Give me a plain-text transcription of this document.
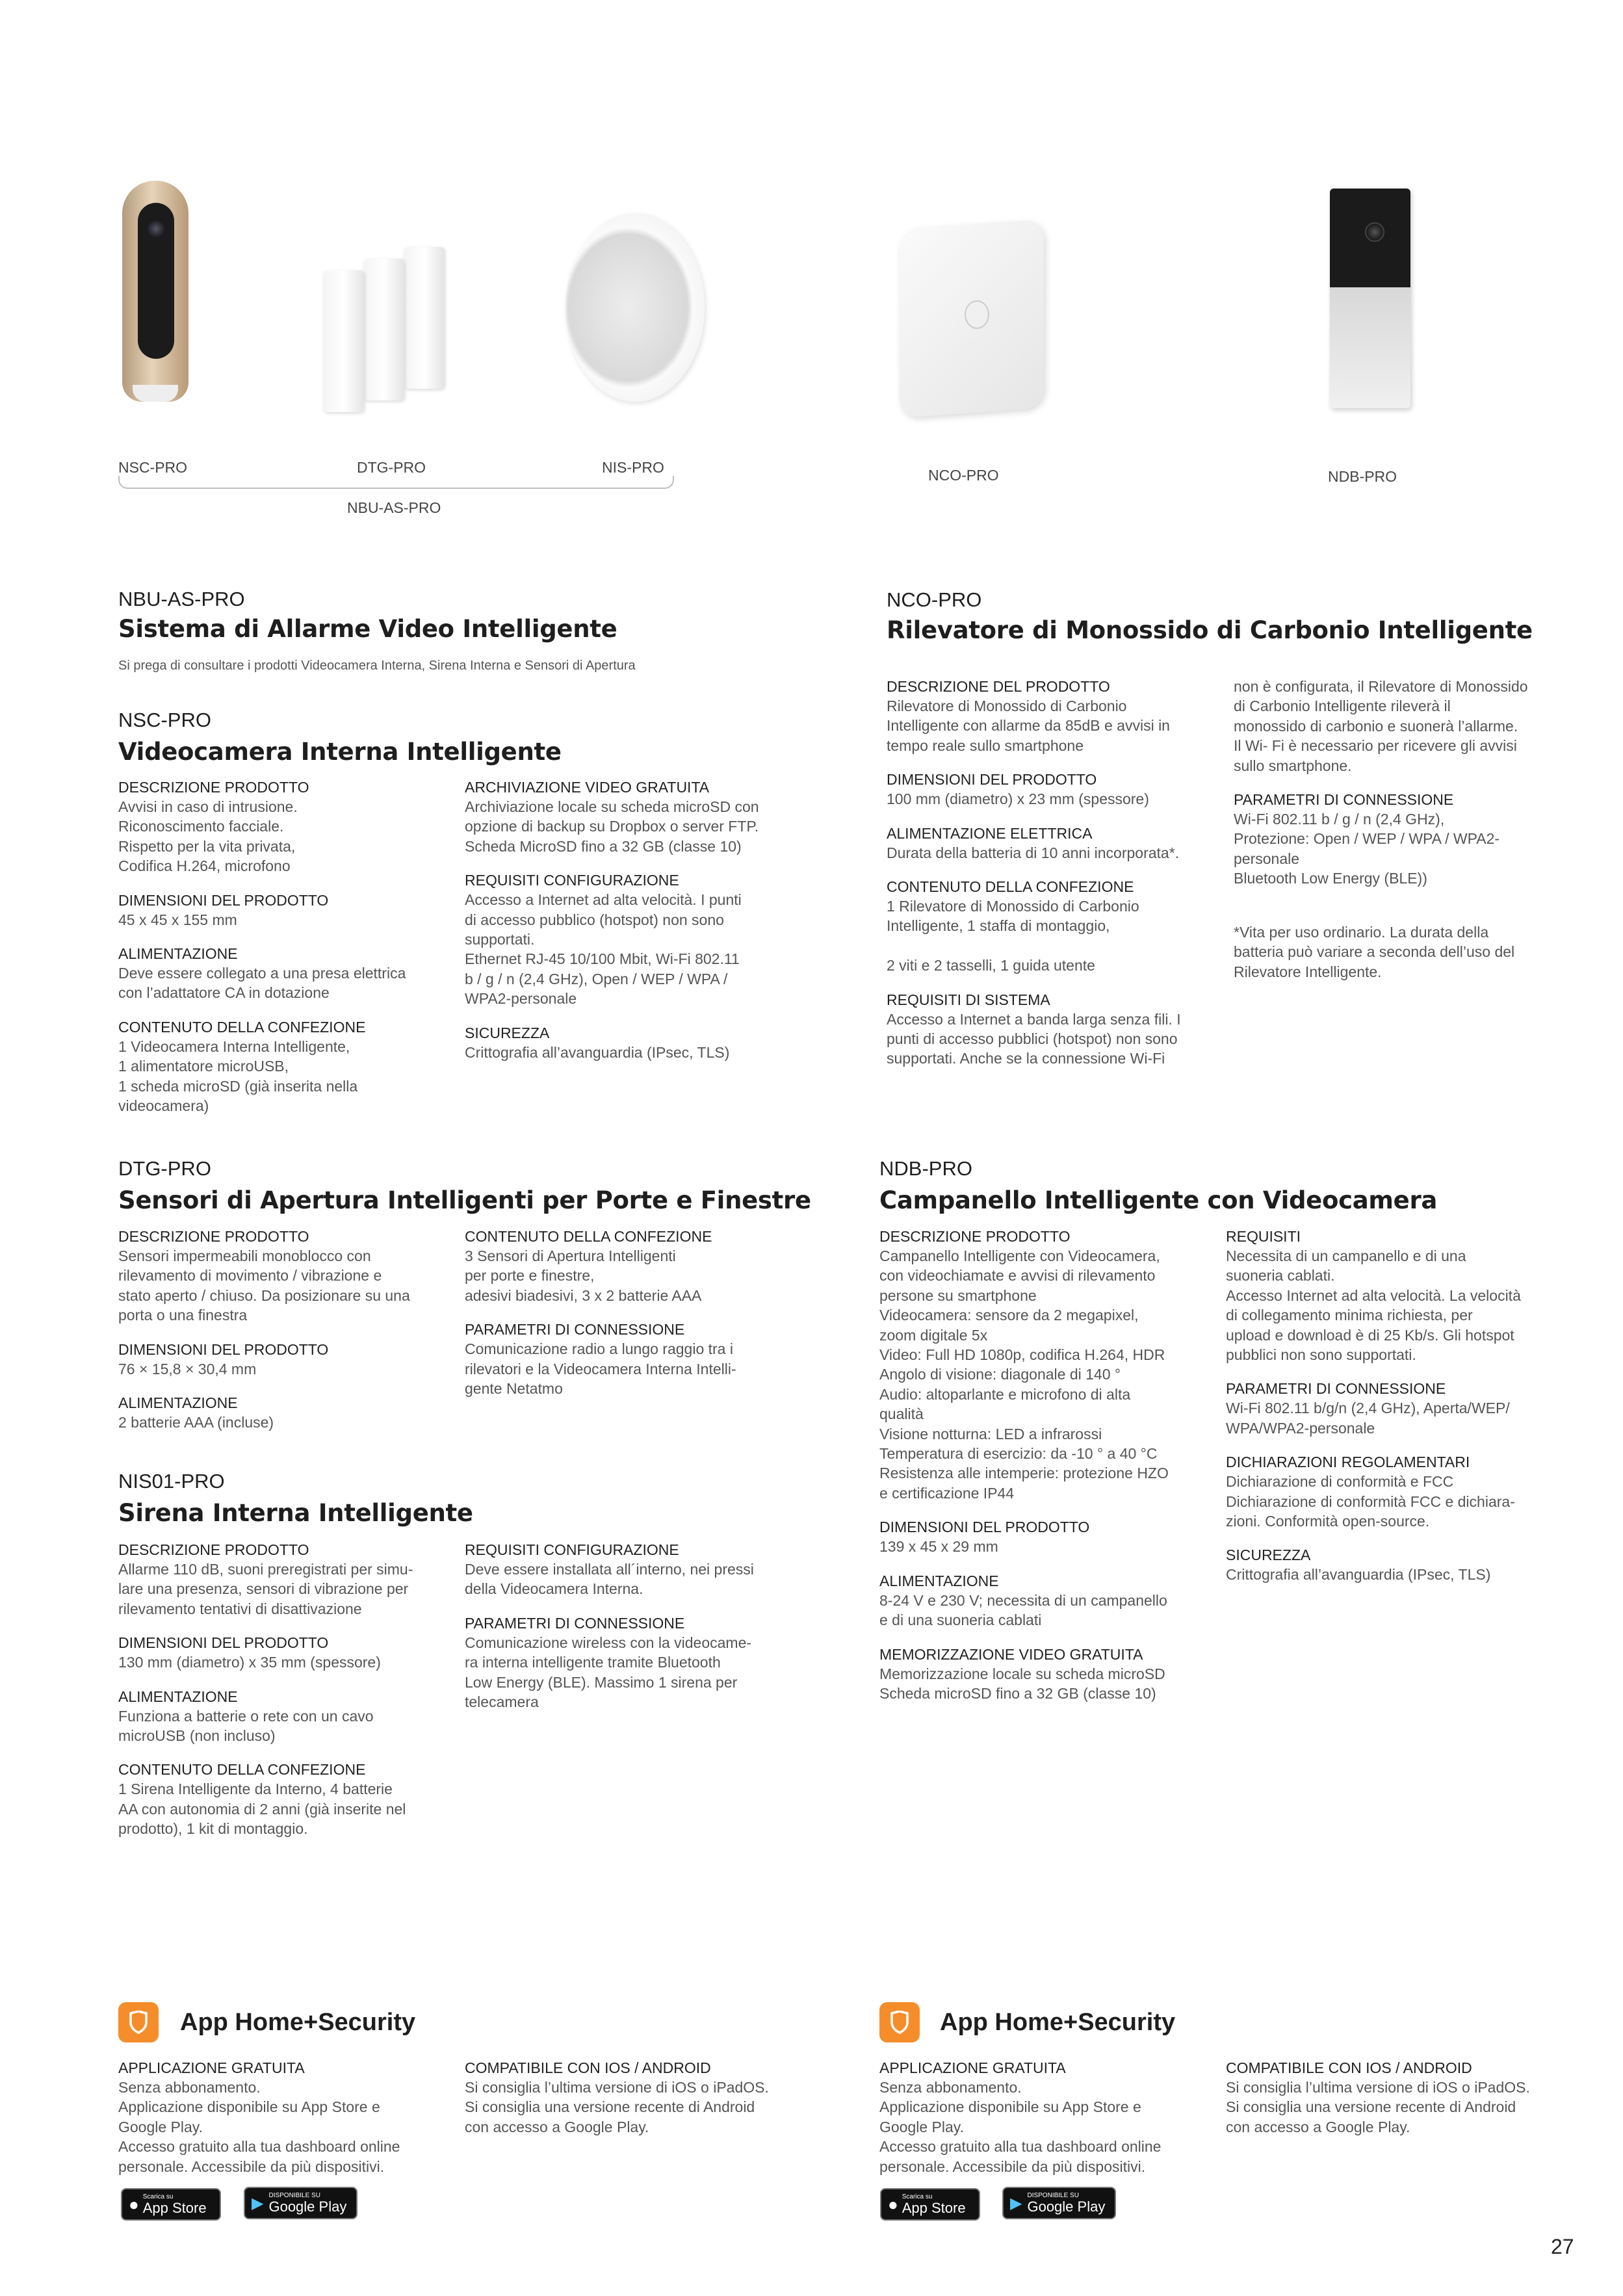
NSC-PRO	DTG-PRO	NIS-PRO
NBU-AS-PRO
NCO-PRO	NDB-PRO
NBU-AS-PRO
Sistema di Allarme Video Intelligente
Si prega di consultare i prodotti Videocamera Interna, Sirena Interna e Sensori di Apertura
NSC-PRO
Videocamera Interna Intelligente
DESCRIZIONE PRODOTTO
Avvisi in caso di intrusione.
Riconoscimento facciale.
Rispetto per la vita privata,
Codifica H.264, microfono
DIMENSIONI DEL PRODOTTO
45 x 45 x 155 mm
ALIMENTAZIONE
Deve essere collegato a una presa elettrica
con l’adattatore CA in dotazione
CONTENUTO DELLA CONFEZIONE
1 Videocamera Interna Intelligente,
1 alimentatore microUSB,
1 scheda microSD (già inserita nella
videocamera)
ARCHIVIAZIONE VIDEO GRATUITA
Archiviazione locale su scheda microSD con
opzione di backup su Dropbox o server FTP.
Scheda MicroSD fino a 32 GB (classe 10)
REQUISITI CONFIGURAZIONE
Accesso a Internet ad alta velocità. I punti
di accesso pubblico (hotspot) non sono
supportati.
Ethernet RJ-45 10/100 Mbit, Wi-Fi 802.11
b / g / n (2,4 GHz), Open / WEP / WPA /
WPA2-personale
SICUREZZA
Crittografia all’avanguardia (IPsec, TLS)
NCO-PRO
Rilevatore di Monossido di Carbonio Intelligente
DESCRIZIONE DEL PRODOTTO
Rilevatore di Monossido di Carbonio
Intelligente con allarme da 85dB e avvisi in
tempo reale sullo smartphone
DIMENSIONI DEL PRODOTTO
100 mm (diametro) x 23 mm (spessore)
ALIMENTAZIONE ELETTRICA
Durata della batteria di 10 anni incorporata*.
CONTENUTO DELLA CONFEZIONE
1 Rilevatore di Monossido di Carbonio
Intelligente, 1 staffa di montaggio,

2 viti e 2 tasselli, 1 guida utente
REQUISITI DI SISTEMA
Accesso a Internet a banda larga senza fili. I
punti di accesso pubblici (hotspot) non sono
supportati. Anche se la connessione Wi-Fi
non è configurata, il Rilevatore di Monossido
di Carbonio Intelligente rileverà il
monossido di carbonio e suonerà l’allarme.
Il Wi- Fi è necessario per ricevere gli avvisi
sullo smartphone.
PARAMETRI DI CONNESSIONE
Wi-Fi 802.11 b / g / n (2,4 GHz),
Protezione: Open / WEP / WPA / WPA2-
personale
Bluetooth Low Energy (BLE))

*Vita per uso ordinario. La durata della
batteria può variare a seconda dell’uso del
Rilevatore Intelligente.
DTG-PRO
Sensori di Apertura Intelligenti per Porte e Finestre
DESCRIZIONE PRODOTTO
Sensori impermeabili monoblocco con
rilevamento di movimento / vibrazione e
stato aperto / chiuso. Da posizionare su una
porta o una finestra
DIMENSIONI DEL PRODOTTO
76 × 15,8 × 30,4 mm
ALIMENTAZIONE
2 batterie AAA (incluse)
CONTENUTO DELLA CONFEZIONE
3 Sensori di Apertura Intelligenti
per porte e finestre,
adesivi biadesivi, 3 x 2 batterie AAA
PARAMETRI DI CONNESSIONE
Comunicazione radio a lungo raggio tra i
rilevatori e la Videocamera Interna Intelli-
gente Netatmo
NIS01-PRO
Sirena Interna Intelligente
DESCRIZIONE PRODOTTO
Allarme 110 dB, suoni preregistrati per simu-
lare una presenza, sensori di vibrazione per
rilevamento tentativi di disattivazione
DIMENSIONI DEL PRODOTTO
130 mm (diametro) x 35 mm (spessore)
ALIMENTAZIONE
Funziona a batterie o rete con un cavo
microUSB (non incluso)
CONTENUTO DELLA CONFEZIONE
1 Sirena Intelligente da Interno, 4 batterie
AA con autonomia di 2 anni (già inserite nel
prodotto), 1 kit di montaggio.
REQUISITI CONFIGURAZIONE
Deve essere installata all´interno, nei pressi
della Videocamera Interna.
PARAMETRI DI CONNESSIONE
Comunicazione wireless con la videocame-
ra interna intelligente tramite Bluetooth
Low Energy (BLE). Massimo 1 sirena per
telecamera
NDB-PRO
Campanello Intelligente con Videocamera
DESCRIZIONE PRODOTTO
Campanello Intelligente con Videocamera,
con videochiamate e avvisi di rilevamento
persone su smartphone
Videocamera: sensore da 2 megapixel,
zoom digitale 5x
Video: Full HD 1080p, codifica H.264, HDR
Angolo di visione: diagonale di 140 °
Audio: altoparlante e microfono di alta
qualità
Visione notturna: LED a infrarossi
Temperatura di esercizio: da -10 ° a 40 °C
Resistenza alle intemperie: protezione HZO
e certificazione IP44
DIMENSIONI DEL PRODOTTO
139 x 45 x 29 mm
ALIMENTAZIONE
8-24 V e 230 V; necessita di un campanello
e di una suoneria cablati
MEMORIZZAZIONE VIDEO GRATUITA
Memorizzazione locale su scheda microSD
Scheda microSD fino a 32 GB (classe 10)
REQUISITI
Necessita di un campanello e di una
suoneria cablati.
Accesso Internet ad alta velocità. La velocità
di collegamento minima richiesta, per
upload e download è di 25 Kb/s. Gli hotspot
pubblici non sono supportati.
PARAMETRI DI CONNESSIONE
Wi-Fi 802.11 b/g/n (2,4 GHz), Aperta/WEP/
WPA/WPA2-personale
DICHIARAZIONI REGOLAMENTARI
Dichiarazione di conformità e FCC
Dichiarazione di conformità FCC e dichiara-
zioni. Conformità open-source.
SICUREZZA
Crittografia all’avanguardia (IPsec, TLS)
App Home+Security
APPLICAZIONE GRATUITA
Senza abbonamento.
Applicazione disponibile su App Store e
Google Play.
Accesso gratuito alla tua dashboard online
personale. Accessibile da più dispositivi.
COMPATIBILE CON IOS / ANDROID
Si consiglia l’ultima versione di iOS o iPadOS.
Si consiglia una versione recente di Android
con accesso a Google Play.
● Scarica su
App Store	▶ DISPONIBILE SU
Google Play
App Home+Security
APPLICAZIONE GRATUITA
Senza abbonamento.
Applicazione disponibile su App Store e
Google Play.
Accesso gratuito alla tua dashboard online
personale. Accessibile da più dispositivi.
COMPATIBILE CON IOS / ANDROID
Si consiglia l’ultima versione di iOS o iPadOS.
Si consiglia una versione recente di Android
con accesso a Google Play.
● Scarica su
App Store	▶ DISPONIBILE SU
Google Play
27
